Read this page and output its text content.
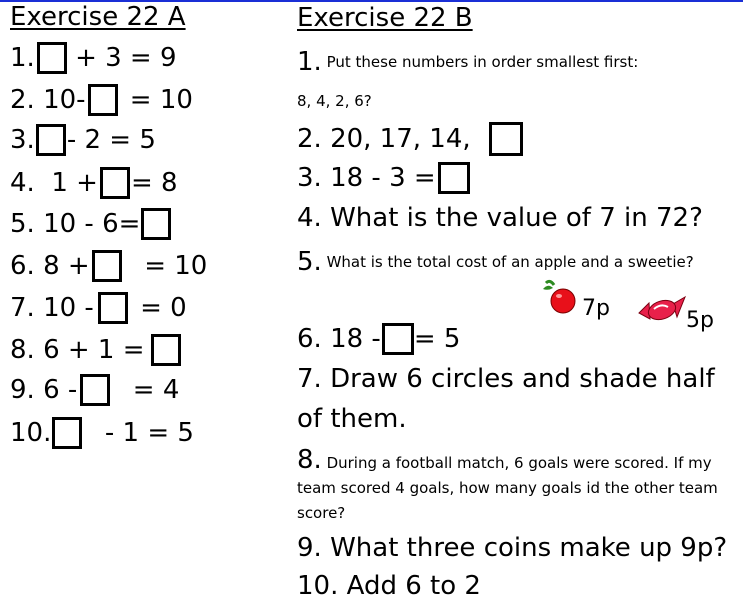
Exercise 22 A
1. + 3 = 9
2. 10- = 10
3. - 2 = 5
4.  1 + = 8
5. 10 - 6=
6. 8 + = 10
7. 10 - = 0
8. 6 + 1 =
9. 6 - = 4
10. - 1 = 5
Exercise 22 B
1. Put these numbers in order smallest first:
8, 4, 2, 6?
2. 20, 17, 14,
3. 18 - 3 =
4. What is the value of 7 in 72?
5. What is the total cost of an apple and a sweetie?
7p	5p
6. 18 - = 5
7. Draw 6 circles and shade half
of them.
8. During a football match, 6 goals were scored. If my team scored 4 goals, how many goals id the other team score?
9. What three coins make up 9p?
10. Add 6 to 2
